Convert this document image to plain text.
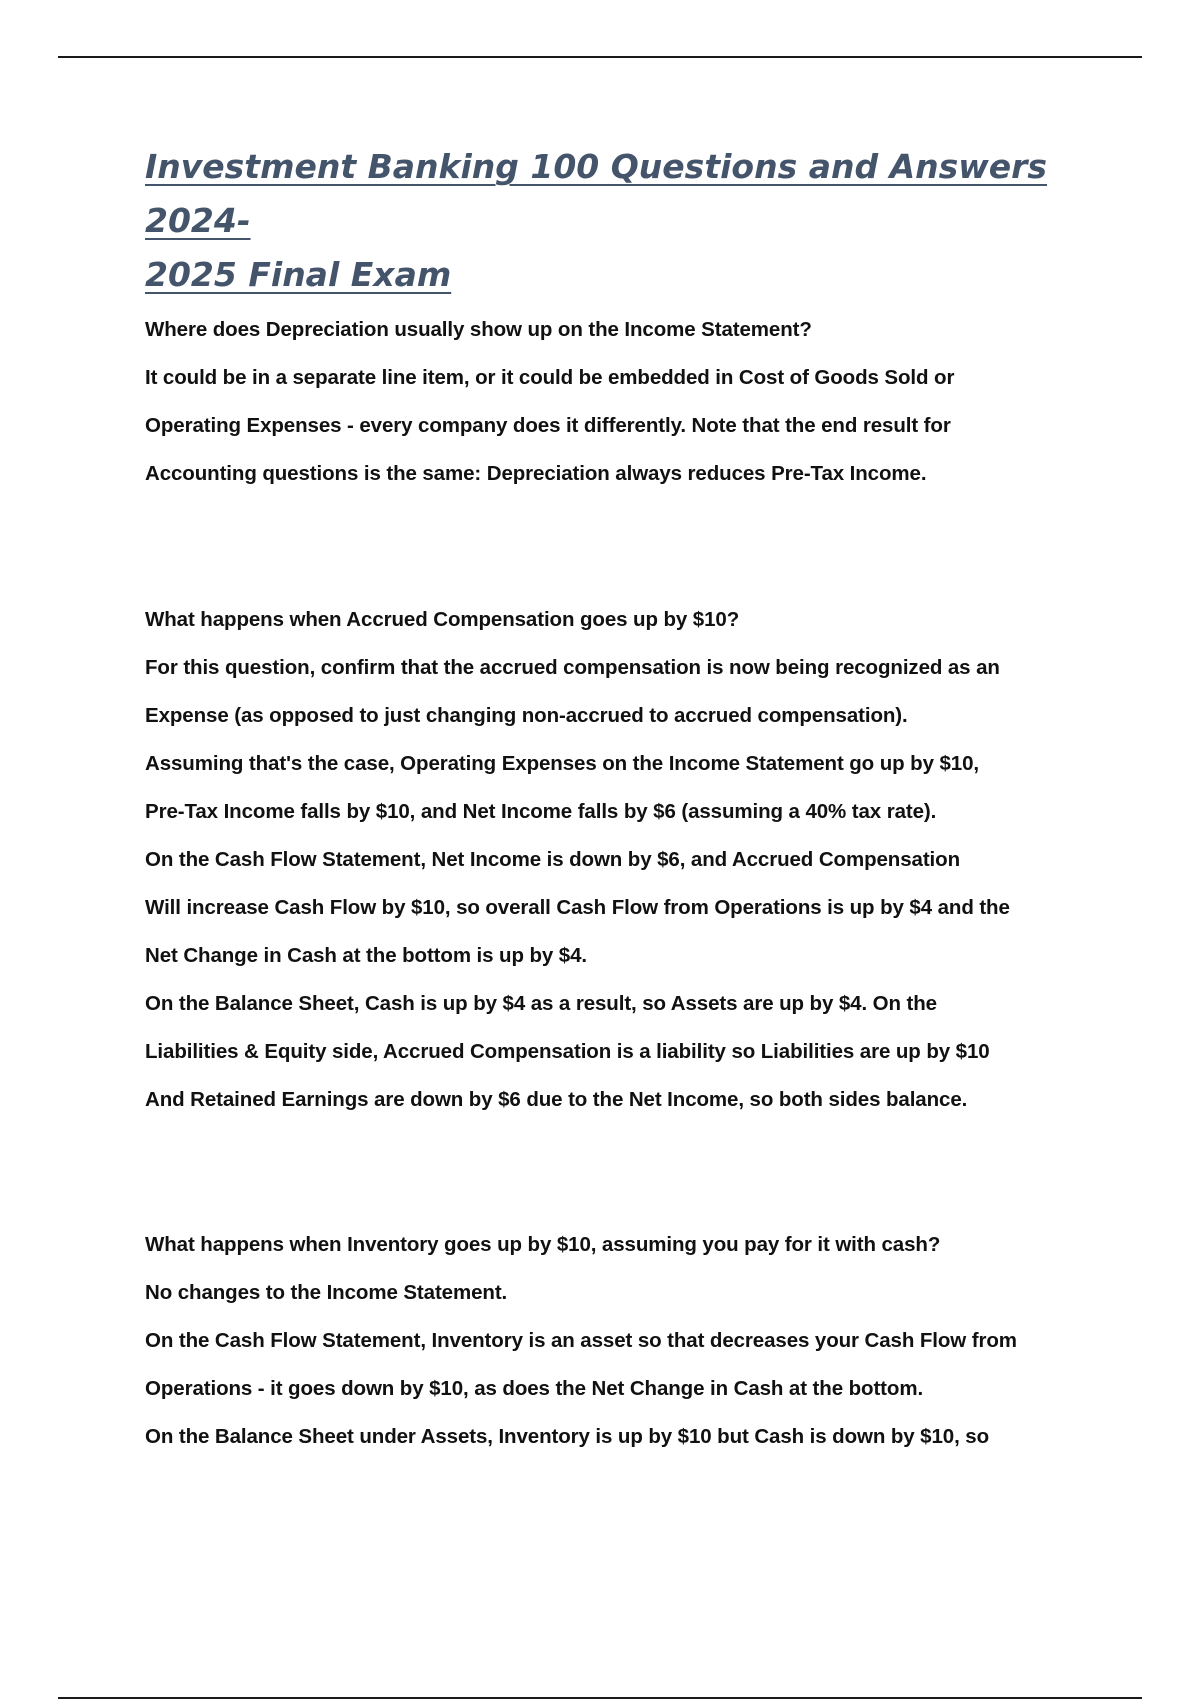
Investment Banking 100 Questions and Answers 2024-
2025 Final Exam
Where does Depreciation usually show up on the Income Statement?
It could be in a separate line item, or it could be embedded in Cost of Goods Sold or
Operating Expenses - every company does it differently. Note that the end result for
Accounting questions is the same: Depreciation always reduces Pre-Tax Income.
What happens when Accrued Compensation goes up by $10?
For this question, confirm that the accrued compensation is now being recognized as an
Expense (as opposed to just changing non-accrued to accrued compensation).
Assuming that's the case, Operating Expenses on the Income Statement go up by $10,
Pre-Tax Income falls by $10, and Net Income falls by $6 (assuming a 40% tax rate).
On the Cash Flow Statement, Net Income is down by $6, and Accrued Compensation
Will increase Cash Flow by $10, so overall Cash Flow from Operations is up by $4 and the
Net Change in Cash at the bottom is up by $4.
On the Balance Sheet, Cash is up by $4 as a result, so Assets are up by $4. On the
Liabilities & Equity side, Accrued Compensation is a liability so Liabilities are up by $10
And Retained Earnings are down by $6 due to the Net Income, so both sides balance.
What happens when Inventory goes up by $10, assuming you pay for it with cash?
No changes to the Income Statement.
On the Cash Flow Statement, Inventory is an asset so that decreases your Cash Flow from
Operations - it goes down by $10, as does the Net Change in Cash at the bottom.
On the Balance Sheet under Assets, Inventory is up by $10 but Cash is down by $10, so
